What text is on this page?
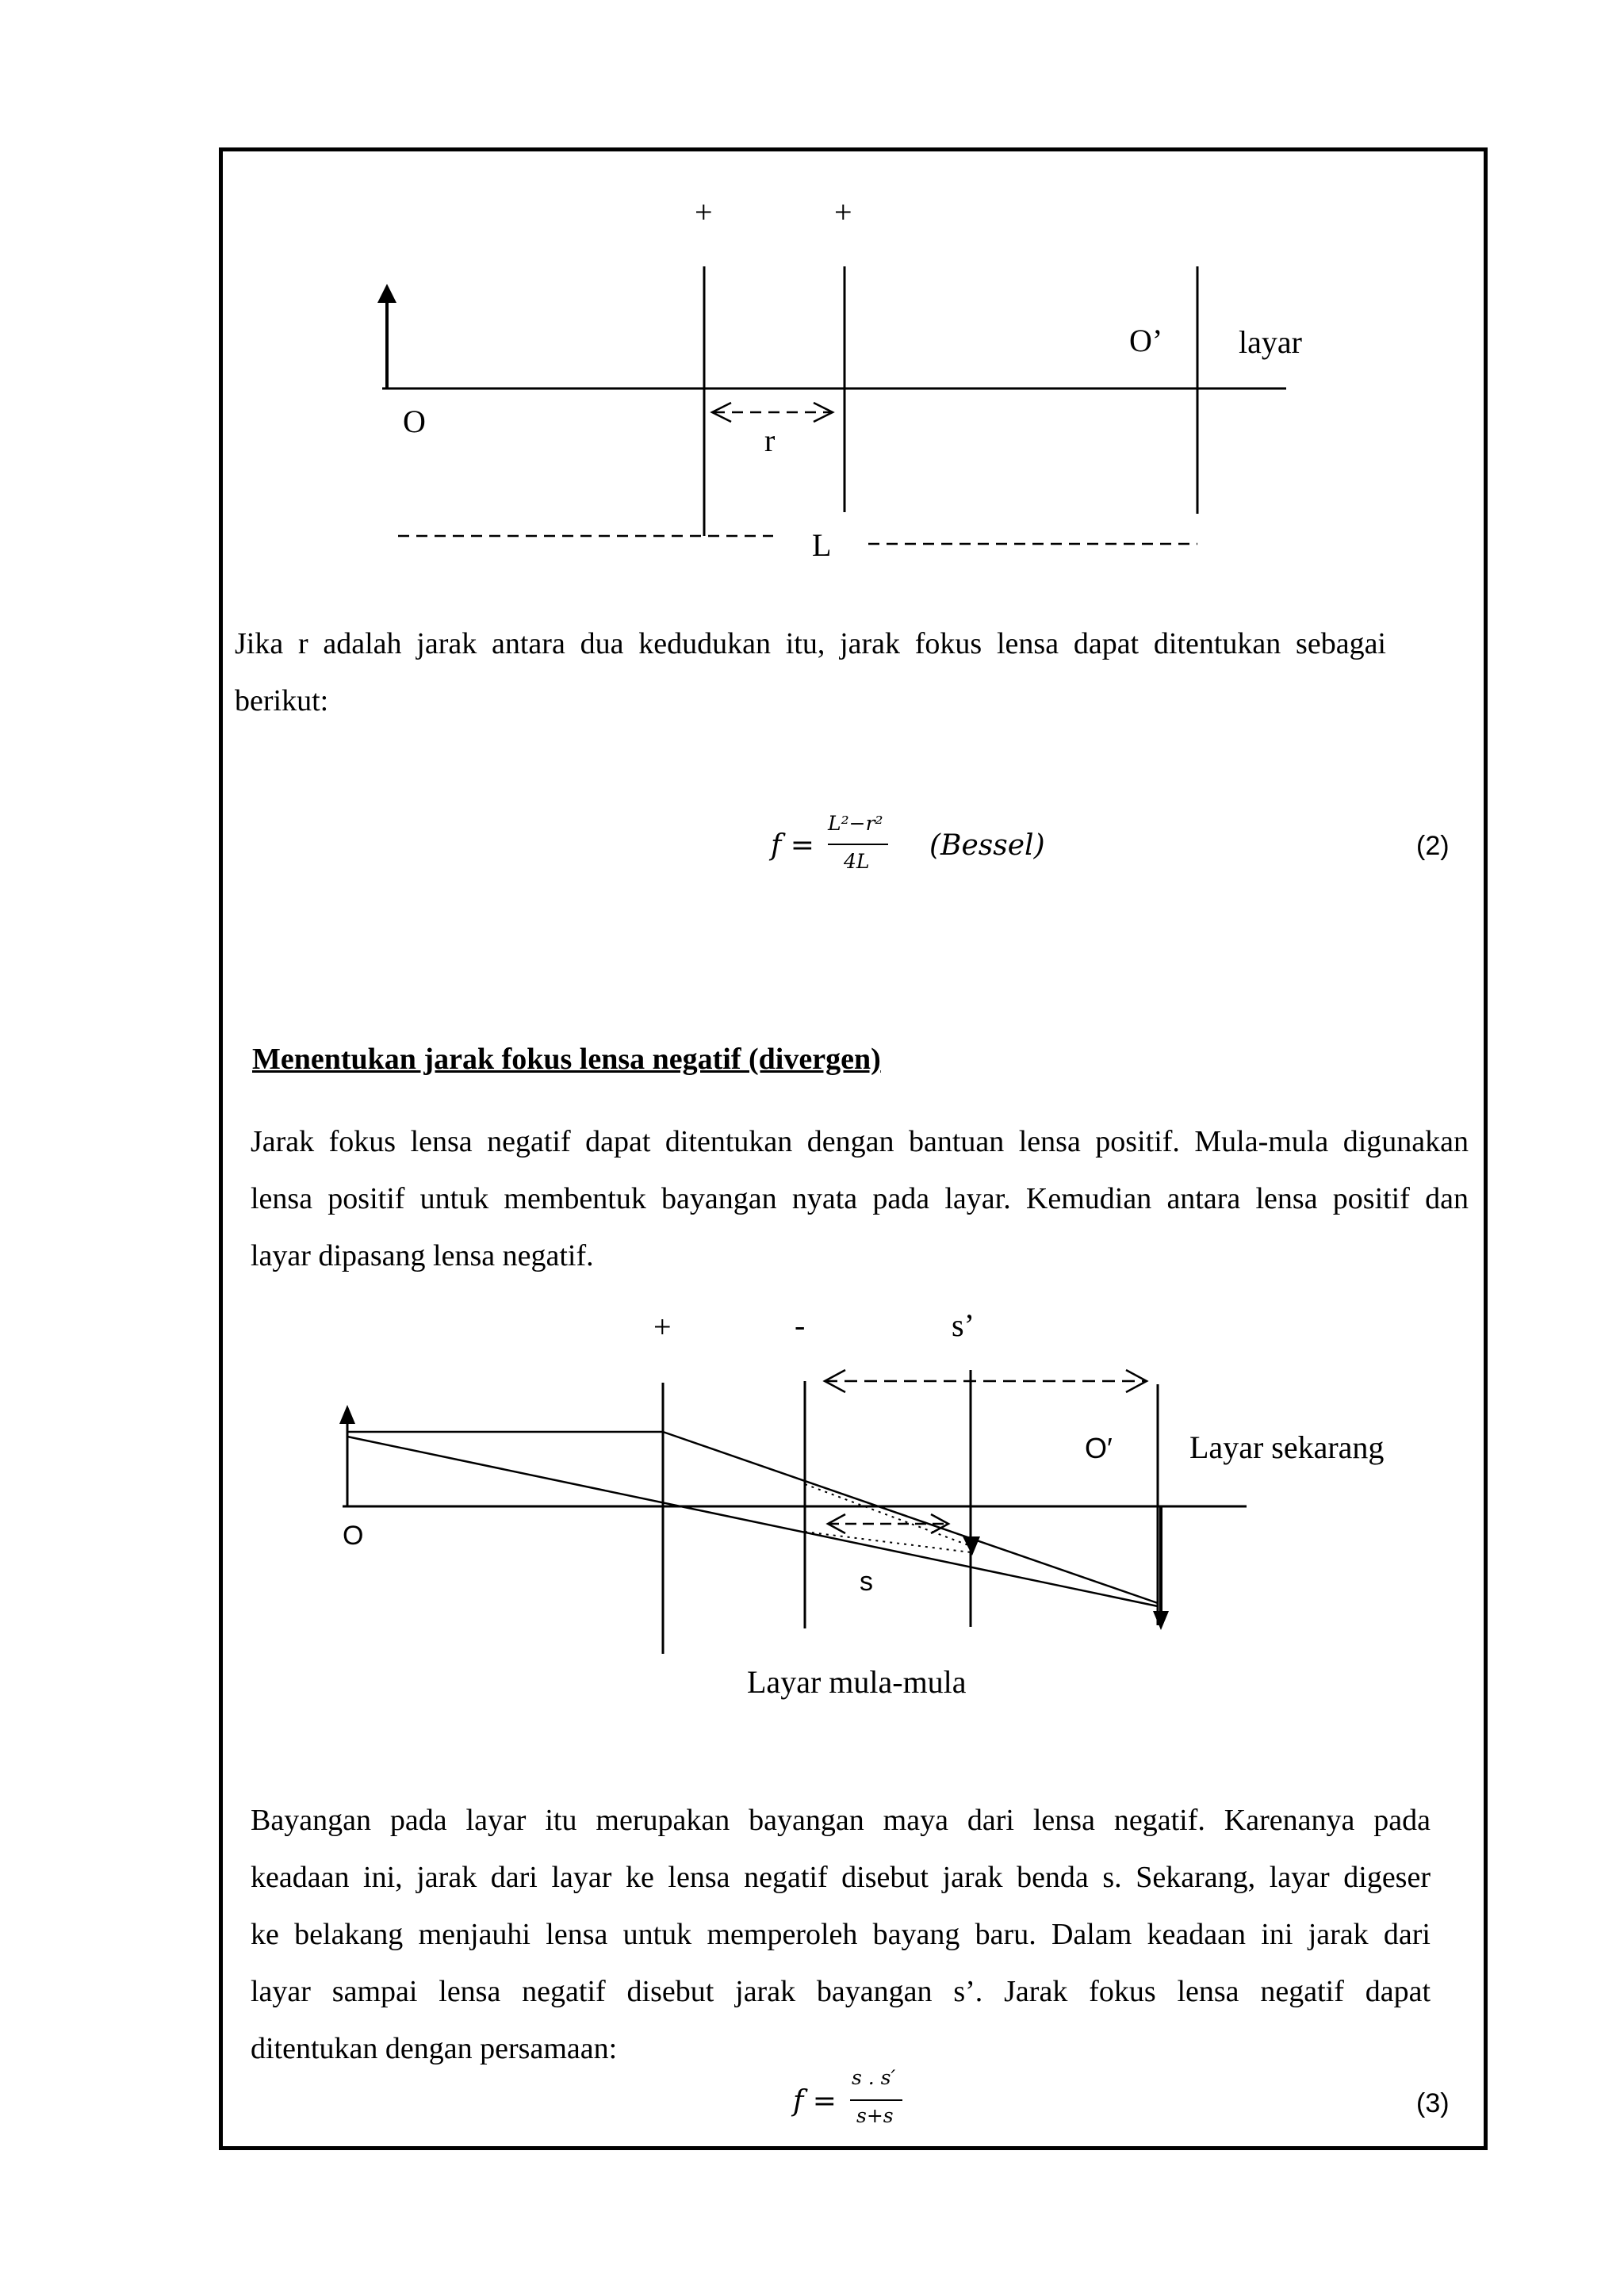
+	+
O’ layar
O
r
L
Jika r adalah jarak antara dua kedudukan itu, jarak fokus lensa dapat ditentukan sebagai
berikut:
f =
L²−r²
4L (Bessel)	(2)
Menentukan jarak fokus lensa negatif (divergen)
Jarak fokus lensa negatif dapat ditentukan dengan bantuan lensa positif. Mula-mula digunakan
lensa positif untuk membentuk bayangan nyata pada layar. Kemudian antara lensa positif dan
layar dipasang lensa negatif.
+	-	s’
O′ Layar sekarang
O
s
Layar mula-mula
Bayangan pada layar itu merupakan bayangan maya dari lensa negatif. Karenanya pada
keadaan ini, jarak dari layar ke lensa negatif disebut jarak benda s. Sekarang, layar digeser
ke belakang menjauhi lensa untuk memperoleh bayang baru. Dalam keadaan ini jarak dari
layar sampai lensa negatif disebut jarak bayangan s’. Jarak fokus lensa negatif dapat
ditentukan dengan persamaan:
f =
s . s′
s+s	(3)
